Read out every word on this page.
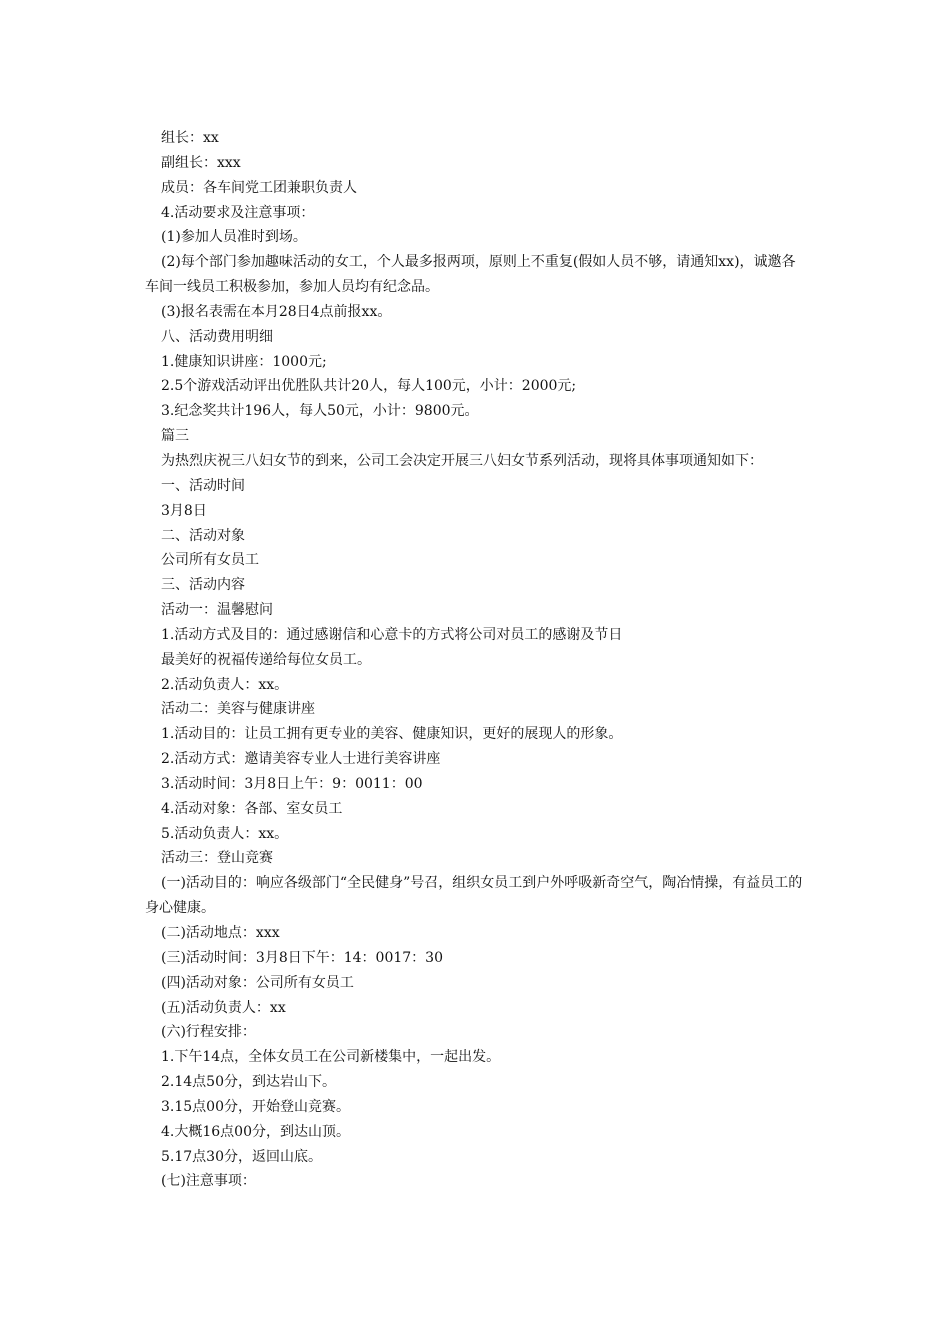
组长：xx
副组长：xxx
成员：各车间党工团兼职负责人
4.活动要求及注意事项：
(1)参加人员准时到场。
(2)每个部门参加趣味活动的女工，个人最多报两项，原则上不重复(假如人员不够，请通知xx)，诚邀各车间一线员工积极参加，参加人员均有纪念品。
(3)报名表需在本月28日4点前报xx。
八、活动费用明细
1.健康知识讲座：1000元;
2.5个游戏活动评出优胜队共计20人，每人100元，小计：2000元;
3.纪念奖共计196人，每人50元，小计：9800元。
篇三
为热烈庆祝三八妇女节的到来，公司工会决定开展三八妇女节系列活动，现将具体事项通知如下：
一、活动时间
3月8日
二、活动对象
公司所有女员工
三、活动内容
活动一：温馨慰问
1.活动方式及目的：通过感谢信和心意卡的方式将公司对员工的感谢及节日
最美好的祝福传递给每位女员工。
2.活动负责人：xx。
活动二：美容与健康讲座
1.活动目的：让员工拥有更专业的美容、健康知识，更好的展现人的形象。
2.活动方式：邀请美容专业人士进行美容讲座
3.活动时间：3月8日上午：9：0011：00
4.活动对象：各部、室女员工
5.活动负责人：xx。
活动三：登山竞赛
(一)活动目的：响应各级部门“全民健身”号召，组织女员工到户外呼吸新奇空气，陶冶情操，有益员工的身心健康。
(二)活动地点：xxx
(三)活动时间：3月8日下午：14：0017：30
(四)活动对象：公司所有女员工
(五)活动负责人：xx
(六)行程安排：
1.下午14点，全体女员工在公司新楼集中，一起出发。
2.14点50分，到达岩山下。
3.15点00分，开始登山竞赛。
4.大概16点00分，到达山顶。
5.17点30分，返回山底。
(七)注意事项：
